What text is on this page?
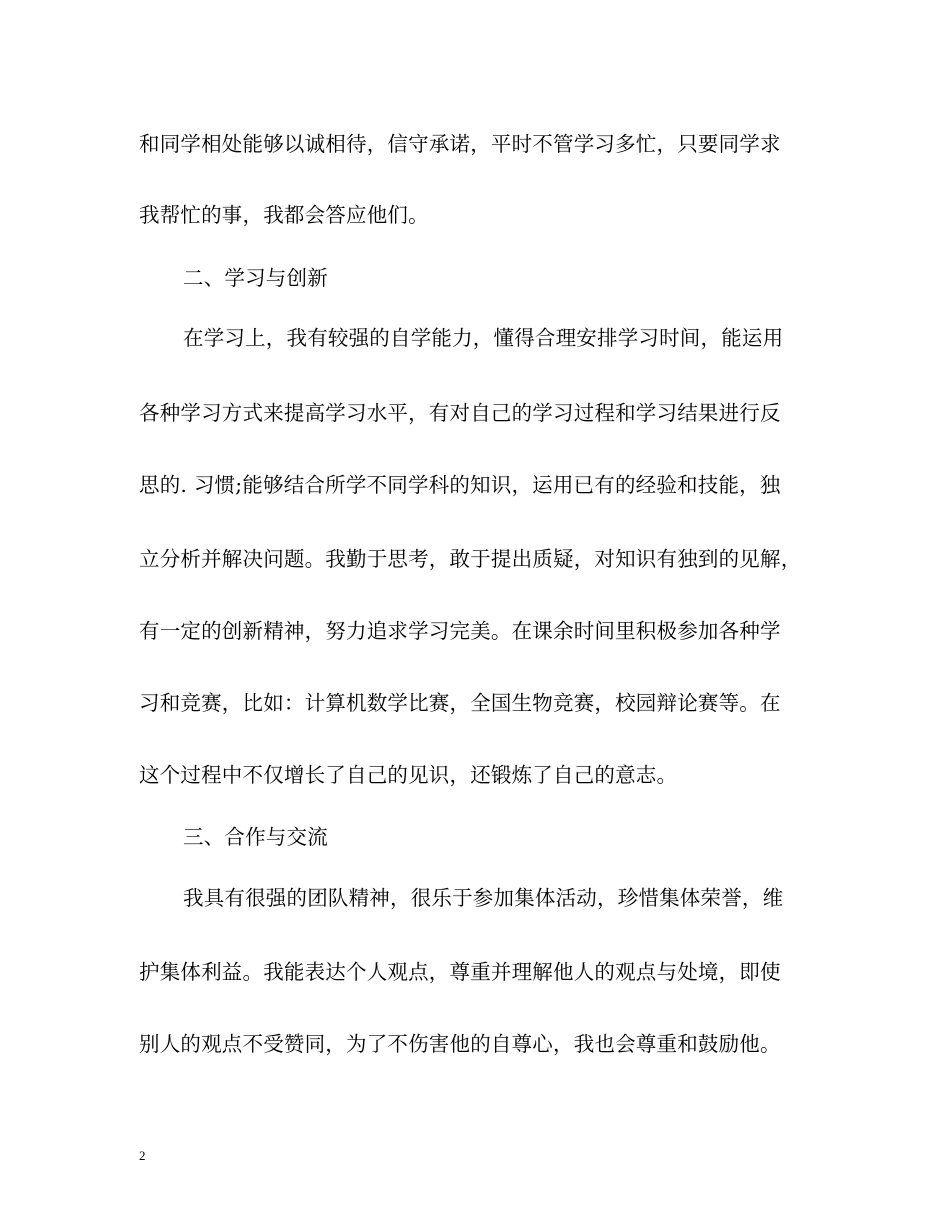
和同学相处能够以诚相待，信守承诺，平时不管学习多忙，只要同学求
我帮忙的事，我都会答应他们。
二、学习与创新
在学习上，我有较强的自学能力，懂得合理安排学习时间，能运用
各种学习方式来提高学习水平，有对自己的学习过程和学习结果进行反
思的. 习惯;能够结合所学不同学科的知识，运用已有的经验和技能，独
立分析并解决问题。我勤于思考，敢于提出质疑，对知识有独到的见解，
有一定的创新精神，努力追求学习完美。在课余时间里积极参加各种学
习和竞赛，比如：计算机数学比赛，全国生物竞赛，校园辩论赛等。在
这个过程中不仅增长了自己的见识，还锻炼了自己的意志。
三、合作与交流
我具有很强的团队精神，很乐于参加集体活动，珍惜集体荣誉，维
护集体利益。我能表达个人观点，尊重并理解他人的观点与处境，即使
别人的观点不受赞同，为了不伤害他的自尊心，我也会尊重和鼓励他。
2
